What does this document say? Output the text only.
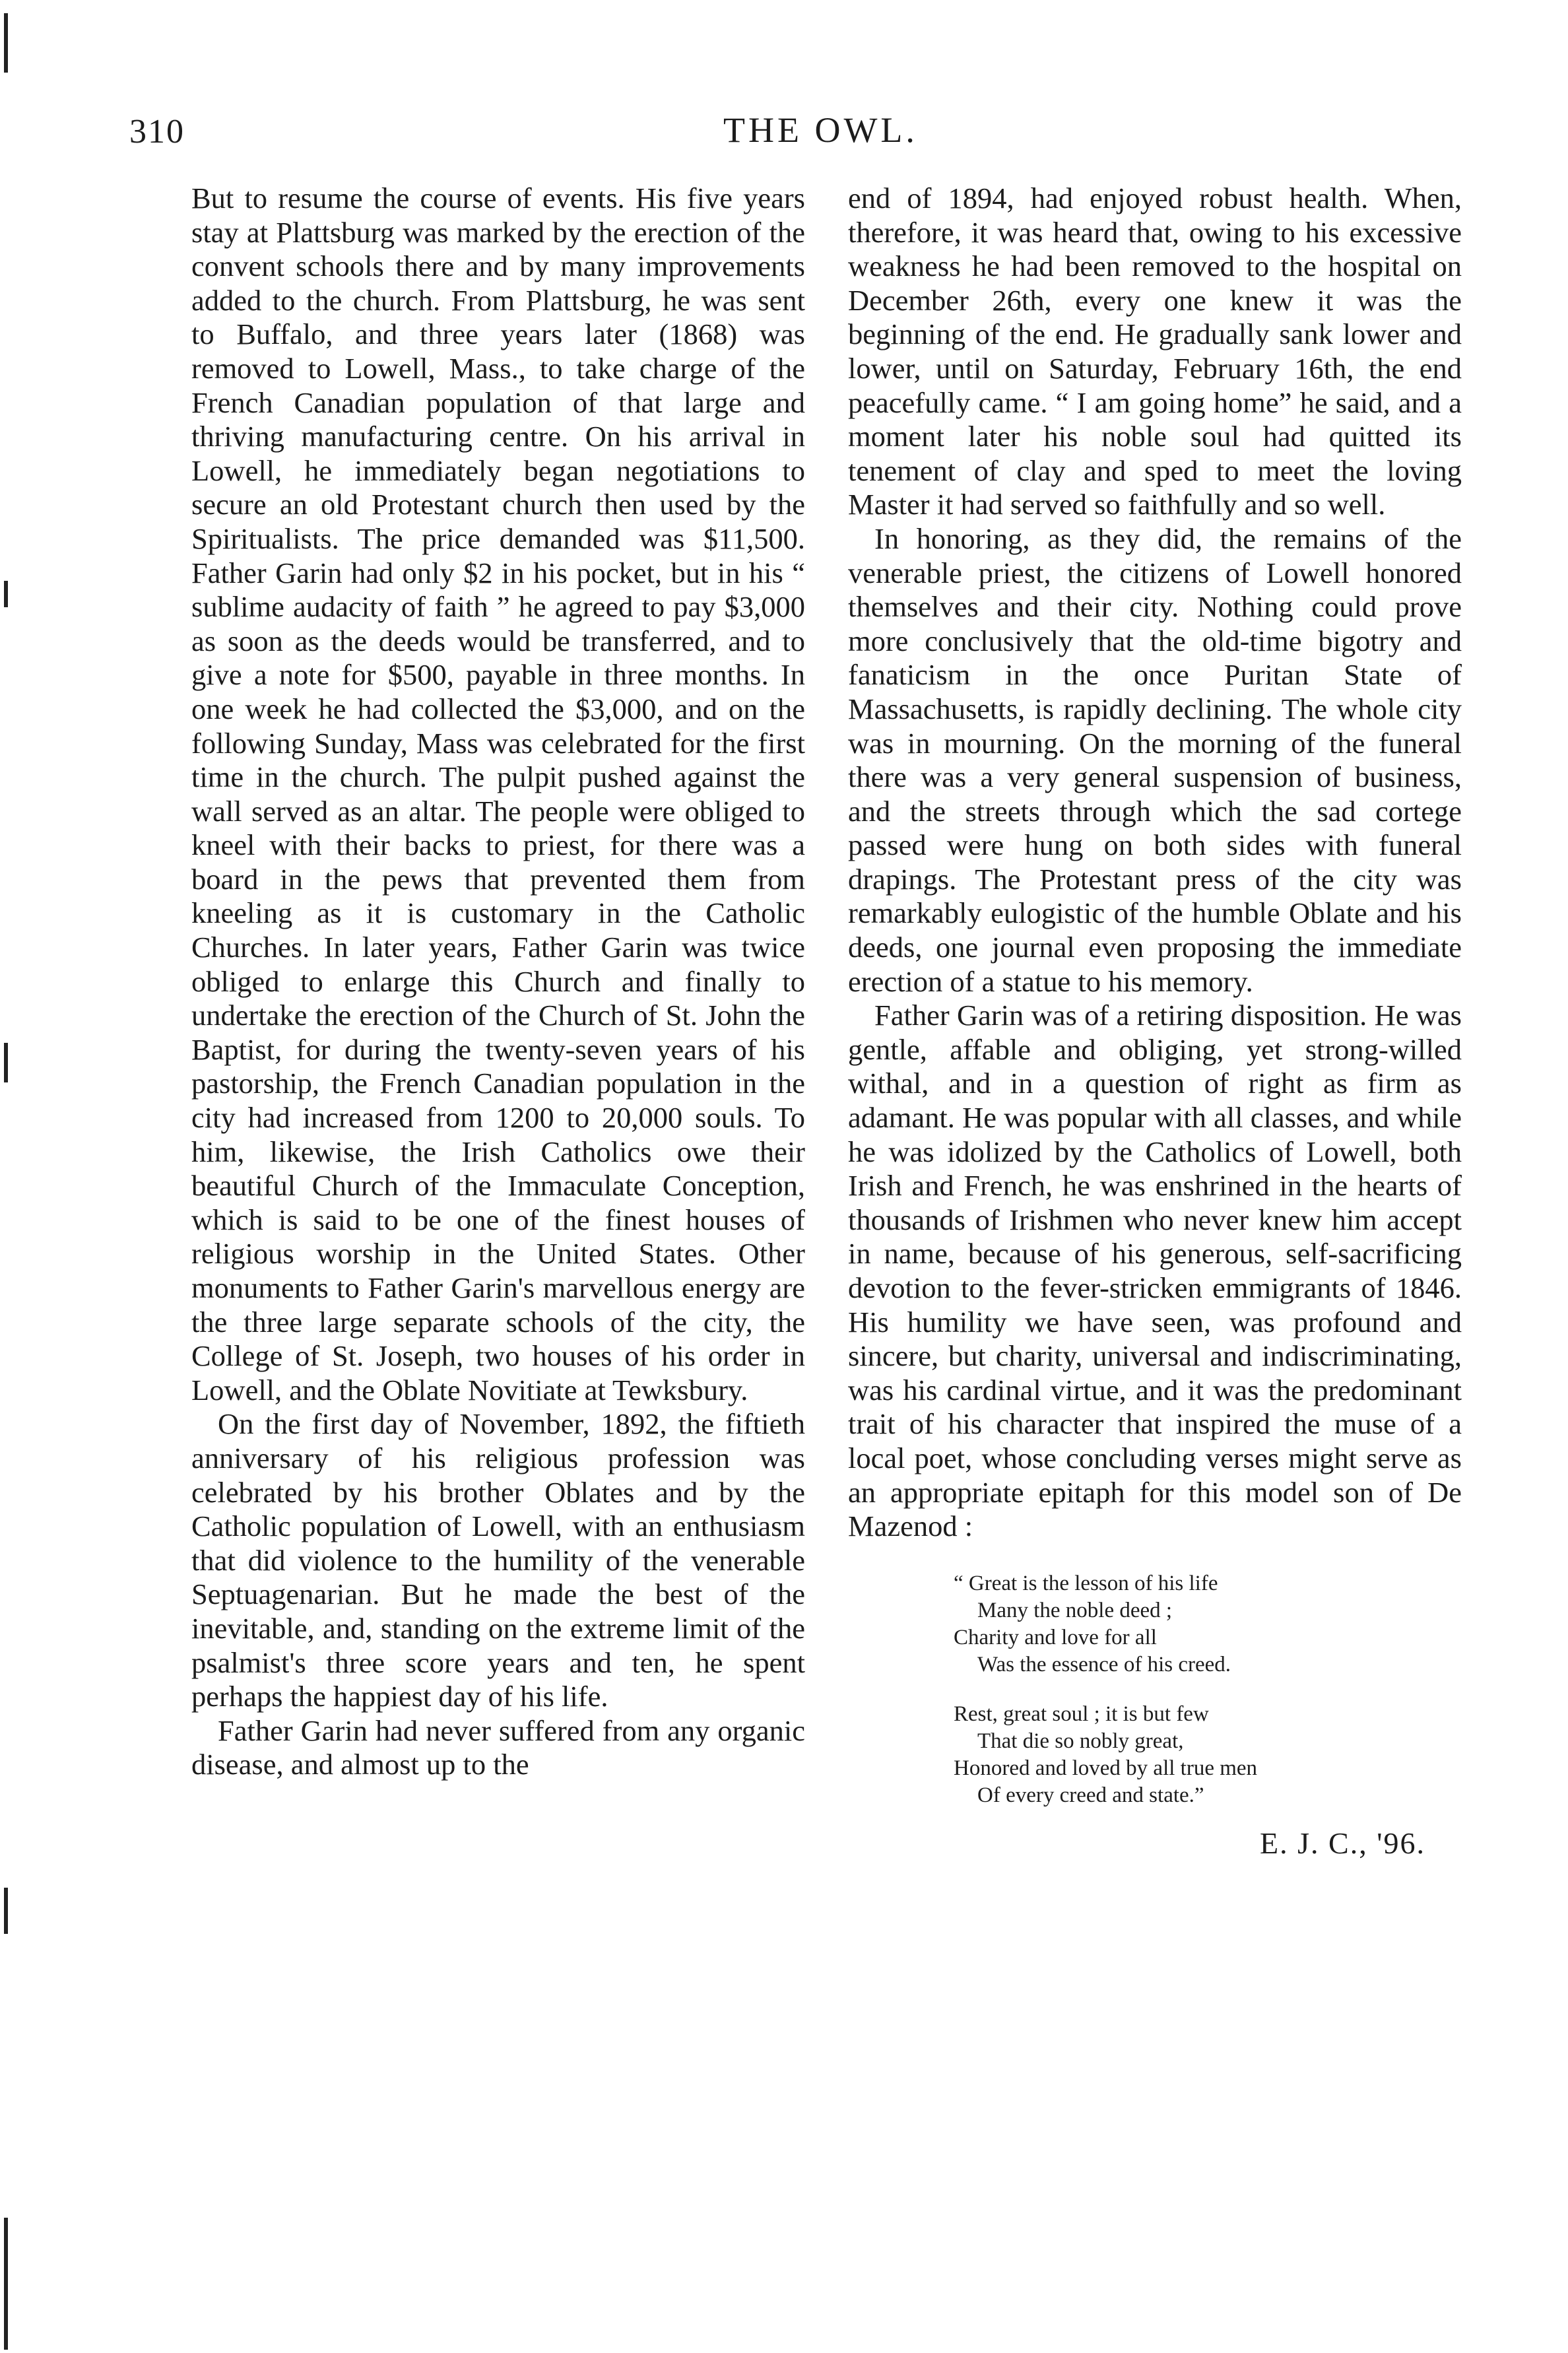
310	THE OWL.

But to resume the course of events. His five years stay at Plattsburg was marked by the erection of the convent schools there and by many improvements added to the church. From Plattsburg, he was sent to Buffalo, and three years later (1868) was removed to Lowell, Mass., to take charge of the French Canadian population of that large and thriving manufacturing centre. On his arrival in Lowell, he immediately began negotiations to secure an old Protestant church then used by the Spiritualists. The price demanded was $11,500. Father Garin had only $2 in his pocket, but in his “ sublime audacity of faith ” he agreed to pay $3,000 as soon as the deeds would be transferred, and to give a note for $500, payable in three months. In one week he had collected the $3,000, and on the following Sunday, Mass was celebrated for the first time in the church. The pulpit pushed against the wall served as an altar. The people were obliged to kneel with their backs to priest, for there was a board in the pews that prevented them from kneeling as it is customary in the Catholic Churches. In later years, Father Garin was twice obliged to enlarge this Church and finally to undertake the erection of the Church of St. John the Baptist, for during the twenty-seven years of his pastorship, the French Canadian population in the city had increased from 1200 to 20,000 souls. To him, likewise, the Irish Catholics owe their beautiful Church of the Immaculate Conception, which is said to be one of the finest houses of religious worship in the United States. Other monuments to Father Garin's marvellous energy are the three large separate schools of the city, the College of St. Joseph, two houses of his order in Lowell, and the Oblate Novitiate at Tewksbury.

On the first day of November, 1892, the fiftieth anniversary of his religious profession was celebrated by his brother Oblates and by the Catholic population of Lowell, with an enthusiasm that did violence to the humility of the venerable Septuagenarian. But he made the best of the inevitable, and, standing on the extreme limit of the psalmist's three score years and ten, he spent perhaps the happiest day of his life.

Father Garin had never suffered from any organic disease, and almost up to the

end of 1894, had enjoyed robust health. When, therefore, it was heard that, owing to his excessive weakness he had been removed to the hospital on December 26th, every one knew it was the beginning of the end. He gradually sank lower and lower, until on Saturday, February 16th, the end peacefully came. “ I am going home” he said, and a moment later his noble soul had quitted its tenement of clay and sped to meet the loving Master it had served so faithfully and so well.

In honoring, as they did, the remains of the venerable priest, the citizens of Lowell honored themselves and their city. Nothing could prove more conclusively that the old-time bigotry and fanaticism in the once Puritan State of Massachusetts, is rapidly declining. The whole city was in mourning. On the morning of the funeral there was a very general suspension of business, and the streets through which the sad cortege passed were hung on both sides with funeral drapings. The Protestant press of the city was remarkably eulogistic of the humble Oblate and his deeds, one journal even proposing the immediate erection of a statue to his memory.

Father Garin was of a retiring disposition. He was gentle, affable and obliging, yet strong-willed withal, and in a question of right as firm as adamant. He was popular with all classes, and while he was idolized by the Catholics of Lowell, both Irish and French, he was enshrined in the hearts of thousands of Irishmen who never knew him accept in name, because of his generous, self-sacrificing devotion to the fever-stricken emmigrants of 1846. His humility we have seen, was profound and sincere, but charity, universal and indiscriminating, was his cardinal virtue, and it was the predominant trait of his character that inspired the muse of a local poet, whose concluding verses might serve as an appropriate epitaph for this model son of De Mazenod :

“ Great is the lesson of his life
Many the noble deed ;
Charity and love for all
Was the essence of his creed.
Rest, great soul ; it is but few
That die so nobly great,
Honored and loved by all true men
Of every creed and state.”
E. J. C., '96.
